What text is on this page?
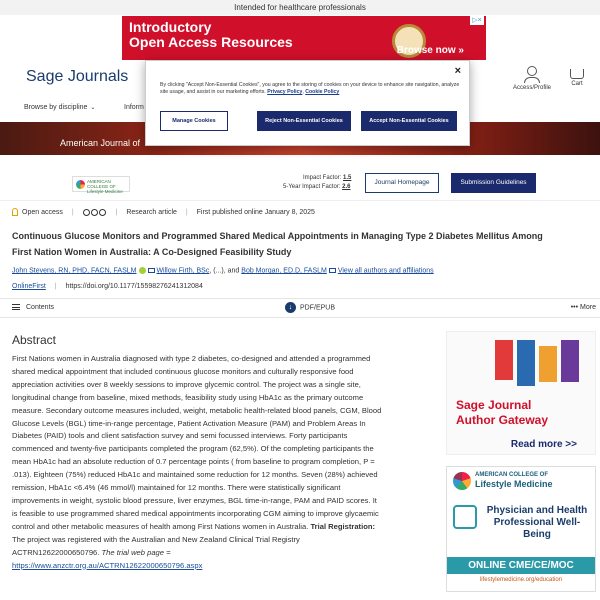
Intended for healthcare professionals
Introductory
Open Access Resources
Browse now »
▷×
Sage Journals
Access/Profile
Cart
Browse by discipline ⌄	Inform
American Journal of
AMERICAN COLLEGE OF Lifestyle Medicine
Impact Factor: 1.5
5-Year Impact Factor: 2.6
Journal Homepage	Submission Guidelines
Open access |	| Research article | First published online January 8, 2025
Continuous Glucose Monitors and Programmed Shared Medical Appointments in Managing Type 2 Diabetes Mellitus Among First Nation Women in Australia: A Co-Designed Feasibility Study
John Stevens, RN, PHD, FACN, FASLM	Willow Firth, BSc, (...), and Bob Morgan, ED.D, FASLM View all authors and affiliations
OnlineFirst | https://doi.org/10.1177/15598276241312084
Contents	↓ PDF/EPUB	••• More
Abstract
First Nations women in Australia diagnosed with type 2 diabetes, co-designed and attended a programmed shared medical appointment that included continuous glucose monitors and culturally responsive food appreciation activities over 8 weekly sessions to improve glycemic control. The project was a single site, longitudinal change from baseline, mixed methods, feasibility study using HbA1c as the primary outcome measure. Secondary outcome measures included, weight, metabolic health-related blood panels, CGM, Blood Glucose Levels (BGL) time-in-range percentage, Patient Activation Measure (PAM) and Problem Areas In Diabetes (PAID) tools and client satisfaction survey and semi focussed interviews. Forty participants commenced and twenty-five participants completed the program (62,5%). Of the completing participants the mean HbA1c had an absolute reduction of 0.7 percentage points ( from baseline to program completion, P = .013). Eighteen (75%) reduced HbA1c and maintained some reduction for 12 months. Seven (28%) achieved remission, HbA1c <6.4% (46 mmol/l) maintained for 12 months. There were statistically significant improvements in weight, systolic blood pressure, liver enzymes, BGL time-in-range, PAM and PAID scores. It is feasible to use programmed shared medical appointments incorporating CGM aiming to improve glycaemic control and other metabolic measures of health among First Nations women in Australia. Trial Registration: The project was registered with the Australian and New Zealand Clinical Trial Registry ACTRN12622000650796. The trial web page =
https://www.anzctr.org.au/ACTRN12622000650796.aspx
Sage Journal
Author Gateway
Read more >>
AMERICAN COLLEGE OF
Lifestyle Medicine
Physician and Health Professional Well-Being
ONLINE CME/CE/MOC
lifestylemedicine.org/education
×
By clicking "Accept Non-Essential Cookies", you agree to the storing of cookies on your device to enhance site navigation, analyze site usage, and assist in our marketing efforts. Privacy Policy, Cookie Policy
Manage Cookies	Reject Non-Essential Cookies	Accept Non-Essential Cookies
